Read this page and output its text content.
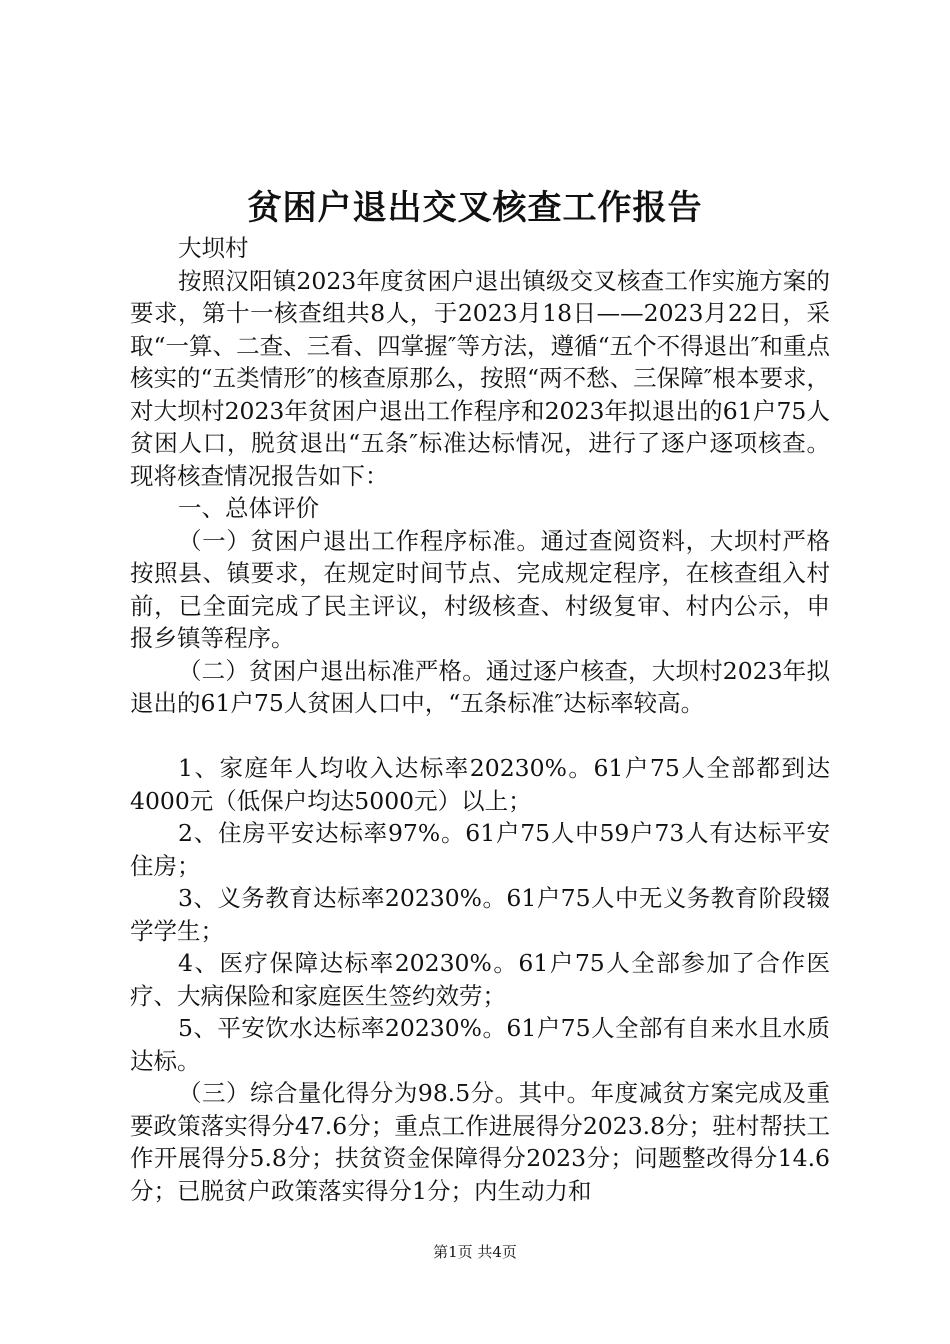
贫困户退出交叉核查工作报告

大坝村

按照汉阳镇2023年度贫困户退出镇级交叉核查工作实施方案的要求，第十一核查组共8人，于2023月18日——2023月22日，采取“一算、二查、三看、四掌握″等方法，遵循“五个不得退出″和重点核实的“五类情形″的核查原那么，按照“两不愁、三保障″根本要求，对大坝村2023年贫困户退出工作程序和2023年拟退出的61户75人贫困人口，脱贫退出“五条″标准达标情况，进行了逐户逐项核查。现将核查情况报告如下：

一、总体评价

（一）贫困户退出工作程序标准。通过查阅资料，大坝村严格按照县、镇要求，在规定时间节点、完成规定程序，在核查组入村前，已全面完成了民主评议，村级核查、村级复审、村内公示，申报乡镇等程序。

（二）贫困户退出标准严格。通过逐户核查，大坝村2023年拟退出的61户75人贫困人口中，“五条标准″达标率较高。

1、家庭年人均收入达标率20230%。61户75人全部都到达4000元（低保户均达5000元）以上；

2、住房平安达标率97%。61户75人中59户73人有达标平安住房；

3、义务教育达标率20230%。61户75人中无义务教育阶段辍学学生；

4、医疗保障达标率20230%。61户75人全部参加了合作医疗、大病保险和家庭医生签约效劳；

5、平安饮水达标率20230%。61户75人全部有自来水且水质达标。

（三）综合量化得分为98.5分。其中。年度减贫方案完成及重要政策落实得分47.6分；重点工作进展得分2023.8分；驻村帮扶工作开展得分5.8分；扶贫资金保障得分2023分；问题整改得分14.6分；已脱贫户政策落实得分1分；内生动力和

第1页 共4页
